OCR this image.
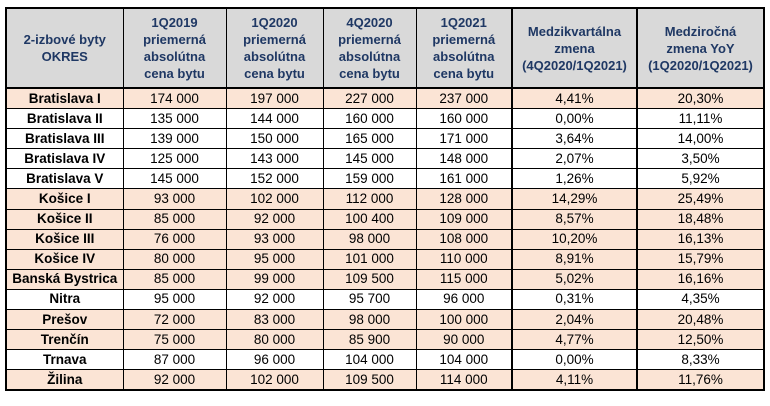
2-izbové byty
OKRES	1Q2019
priemerná
absolútna
cena bytu	1Q2020
priemerná
absolútna
cena bytu	4Q2020
priemerná
absolútna
cena bytu	1Q2021
priemerná
absolútna
cena bytu	Medzikvartálna
zmena
(4Q2020/1Q2021)	Medziročná
zmena YoY
(1Q2020/1Q2021)

Bratislava I	174 000	197 000	227 000	237 000	4,41%	20,30%
Bratislava II	135 000	144 000	160 000	160 000	0,00%	11,11%
Bratislava III	139 000	150 000	165 000	171 000	3,64%	14,00%
Bratislava IV	125 000	143 000	145 000	148 000	2,07%	3,50%
Bratislava V	145 000	152 000	159 000	161 000	1,26%	5,92%
Košice I	93 000	102 000	112 000	128 000	14,29%	25,49%
Košice II	85 000	92 000	100 400	109 000	8,57%	18,48%
Košice III	76 000	93 000	98 000	108 000	10,20%	16,13%
Košice IV	80 000	95 000	101 000	110 000	8,91%	15,79%
Banská Bystrica	85 000	99 000	109 500	115 000	5,02%	16,16%
Nitra	95 000	92 000	95 700	96 000	0,31%	4,35%
Prešov	72 000	83 000	98 000	100 000	2,04%	20,48%
Trenčín	75 000	80 000	85 900	90 000	4,77%	12,50%
Trnava	87 000	96 000	104 000	104 000	0,00%	8,33%
Žilina	92 000	102 000	109 500	114 000	4,11%	11,76%
